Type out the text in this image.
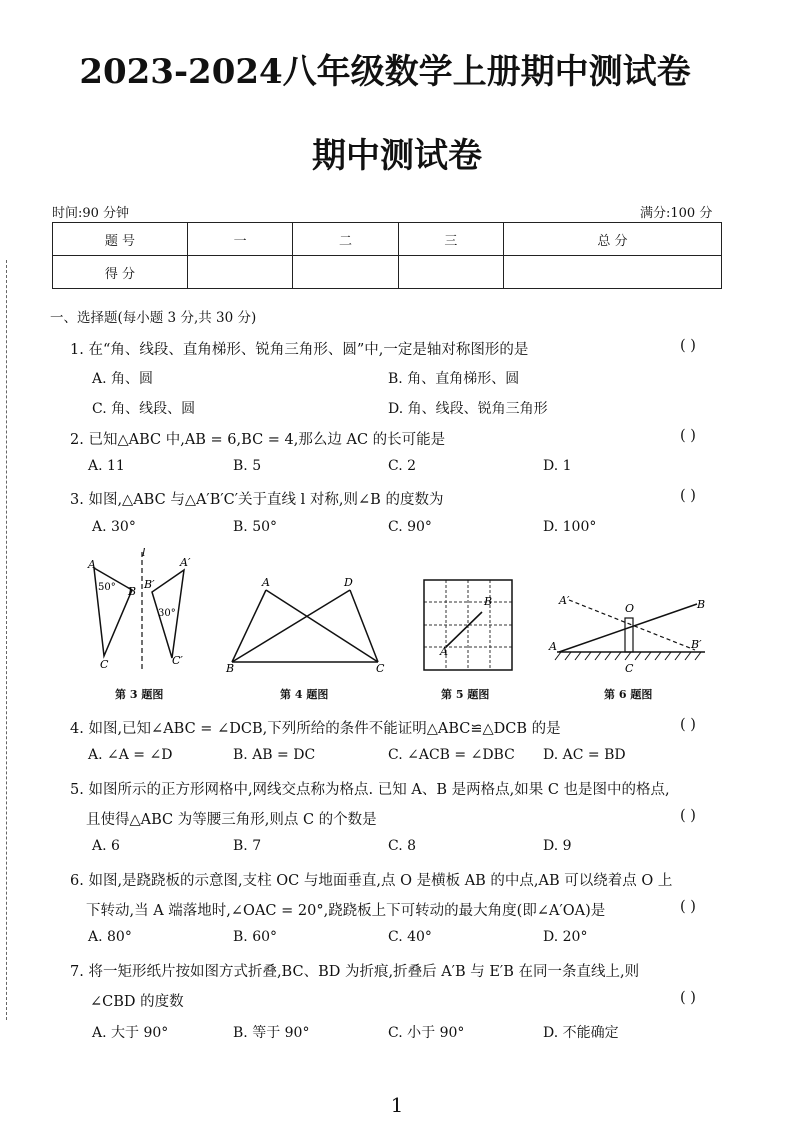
2023-2024八年级数学上册期中测试卷
期中测试卷
时间:90 分钟	满分:100 分
题 号	一	二	三	总 分
得 分				
一、选择题(每小题 3 分,共 30 分)
1. 在“角、线段、直角梯形、锐角三角形、圆”中,一定是轴对称图形的是	( )
A. 角、圆	B. 角、直角梯形、圆
C. 角、线段、圆	D. 角、线段、锐角三角形
2. 已知△ABC 中,AB = 6,BC = 4,那么边 AC 的长可能是	( )
A. 11	B. 5	C. 2	D. 1
3. 如图,△ABC 与△A′B′C′关于直线 l 对称,则∠B 的度数为	( )
A. 30°	B. 50°	C. 90°	D. 100°
A
B
C
l
A′
B′
C′
50°
30°
第 3 题图
A	D
B	C
第 4 题图
B
A
第 5 题图
A′
O	B
A	B′
C
第 6 题图
4. 如图,已知∠ABC = ∠DCB,下列所给的条件不能证明△ABC≌△DCB 的是	( )
A. ∠A = ∠D	B. AB = DC	C. ∠ACB = ∠DBC D. AC = BD
5. 如图所示的正方形网格中,网线交点称为格点. 已知 A、B 是两格点,如果 C 也是图中的格点,
且使得△ABC 为等腰三角形,则点 C 的个数是	( )
A. 6	B. 7	C. 8	D. 9
6. 如图,是跷跷板的示意图,支柱 OC 与地面垂直,点 O 是横板 AB 的中点,AB 可以绕着点 O 上
下转动,当 A 端落地时,∠OAC = 20°,跷跷板上下可转动的最大角度(即∠A′OA)是	( )
A. 80°	B. 60°	C. 40°	D. 20°
7. 将一矩形纸片按如图方式折叠,BC、BD 为折痕,折叠后 A′B 与 E′B 在同一条直线上,则
∠CBD 的度数	( )
A. 大于 90°	B. 等于 90°	C. 小于 90°	D. 不能确定
1
